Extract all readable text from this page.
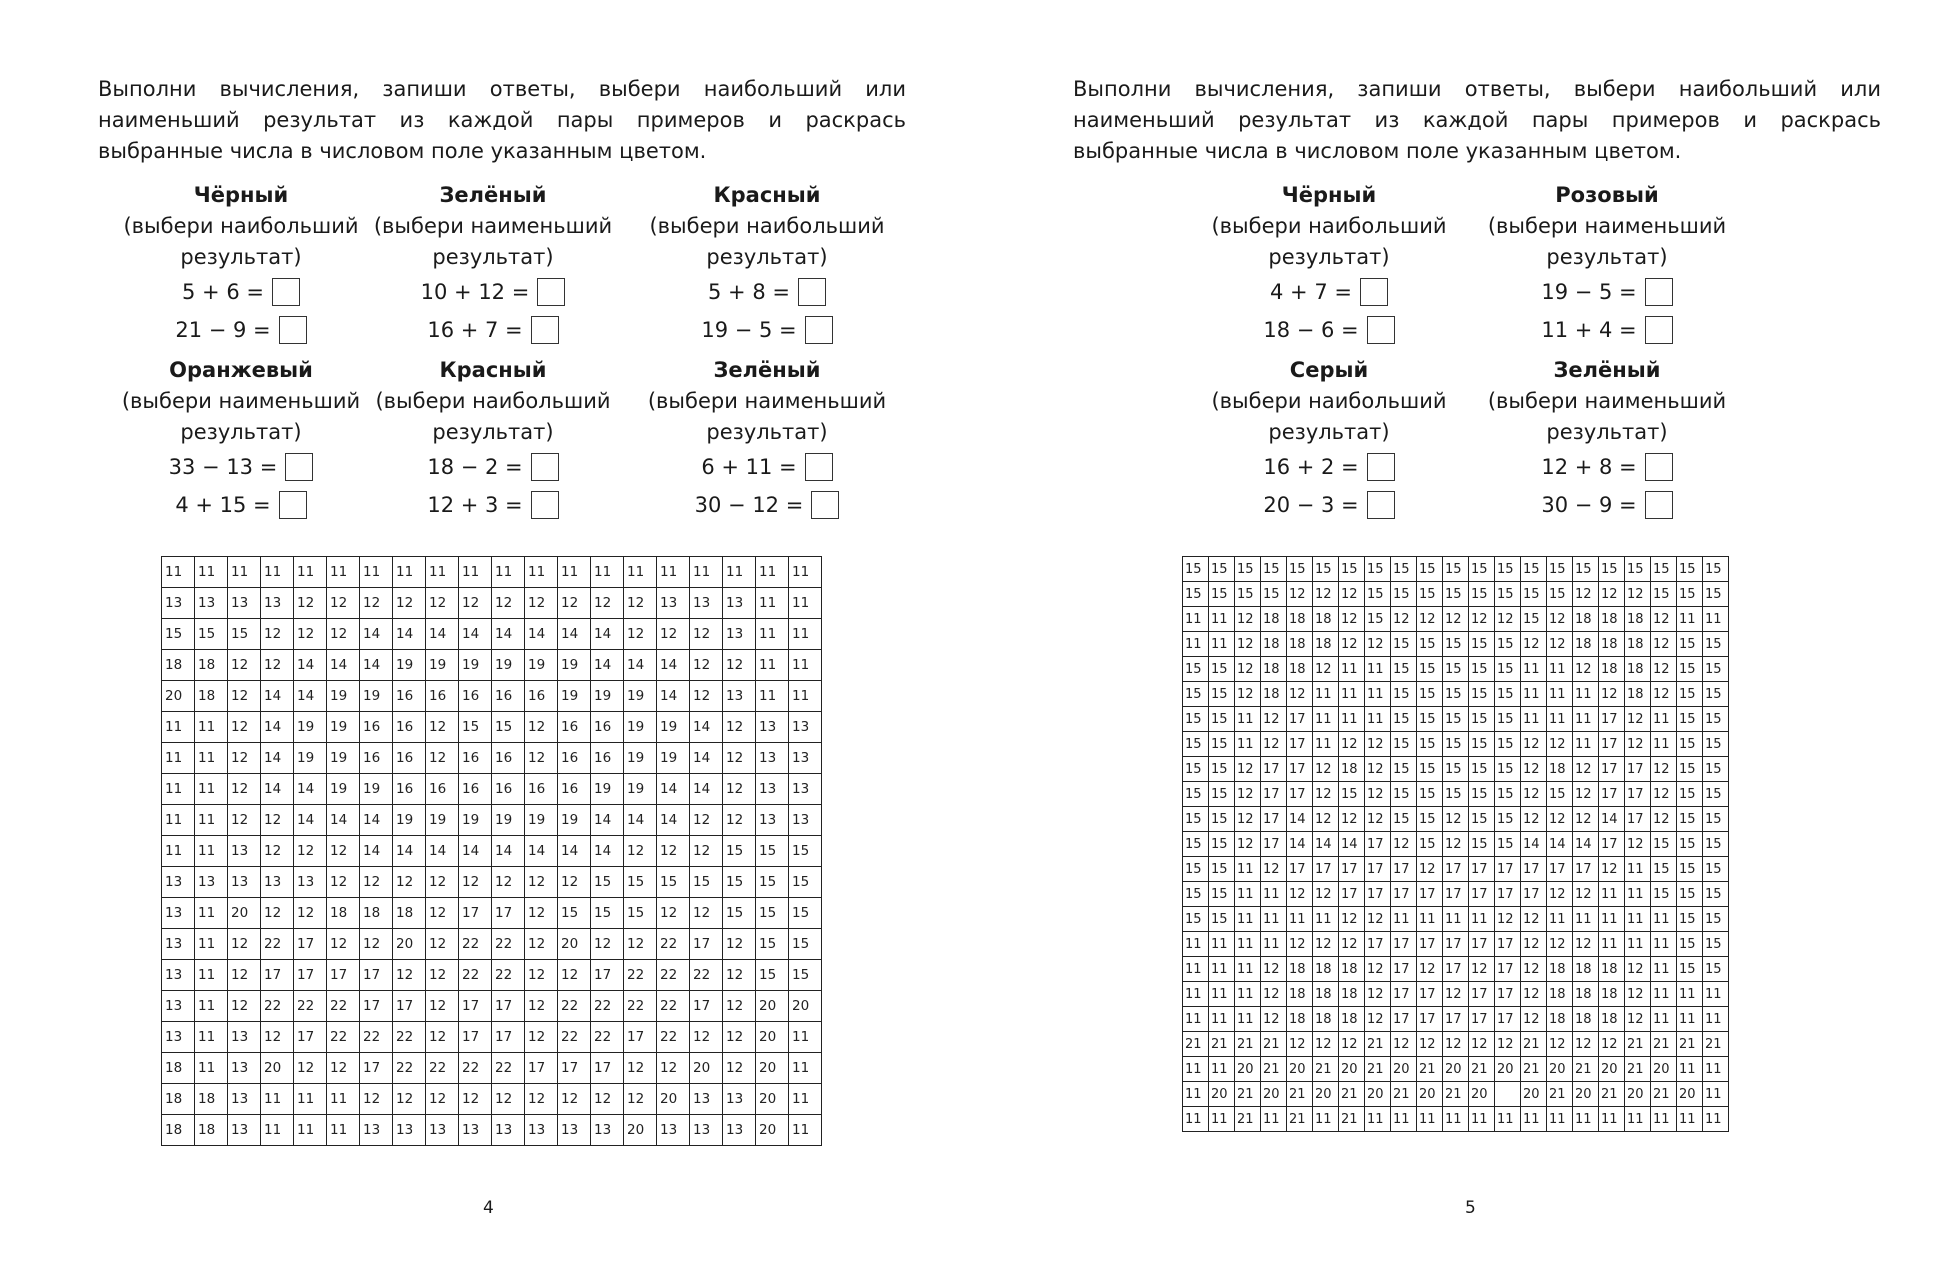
Выполни вычисления, запиши ответы, выбери наибольший или наименьший результат из каждой пары примеров и раскрась выбранные числа в числовом поле указанным цветом.

Чёрный
(выбери наибольший результат)
5 + 6 =
21 − 9 =
Зелёный
(выбери наименьший результат)
10 + 12 =
16 + 7 =
Красный
(выбери наибольший результат)
5 + 8 =
19 − 5 =
Оранжевый
(выбери наименьший результат)
33 − 13 =
4 + 15 =
Красный
(выбери наибольший результат)
18 − 2 =
12 + 3 =
Зелёный
(выбери наименьший результат)
6 + 11 =
30 − 12 =
11	11	11	11	11	11	11	11	11	11	11	11	11	11	11	11	11	11	11	11
13	13	13	13	12	12	12	12	12	12	12	12	12	12	12	13	13	13	11	11
15	15	15	12	12	12	14	14	14	14	14	14	14	14	12	12	12	13	11	11
18	18	12	12	14	14	14	19	19	19	19	19	19	14	14	14	12	12	11	11
20	18	12	14	14	19	19	16	16	16	16	16	19	19	19	14	12	13	11	11
11	11	12	14	19	19	16	16	12	15	15	12	16	16	19	19	14	12	13	13
11	11	12	14	19	19	16	16	12	16	16	12	16	16	19	19	14	12	13	13
11	11	12	14	14	19	19	16	16	16	16	16	16	19	19	14	14	12	13	13
11	11	12	12	14	14	14	19	19	19	19	19	19	14	14	14	12	12	13	13
11	11	13	12	12	12	14	14	14	14	14	14	14	14	12	12	12	15	15	15
13	13	13	13	13	12	12	12	12	12	12	12	12	15	15	15	15	15	15	15
13	11	20	12	12	18	18	18	12	17	17	12	15	15	15	12	12	15	15	15
13	11	12	22	17	12	12	20	12	22	22	12	20	12	12	22	17	12	15	15
13	11	12	17	17	17	17	12	12	22	22	12	12	17	22	22	22	12	15	15
13	11	12	22	22	22	17	17	12	17	17	12	22	22	22	22	17	12	20	20
13	11	13	12	17	22	22	22	12	17	17	12	22	22	17	22	12	12	20	11
18	11	13	20	12	12	17	22	22	22	22	17	17	17	12	12	20	12	20	11
18	18	13	11	11	11	12	12	12	12	12	12	12	12	12	20	13	13	20	11
18	18	13	11	11	11	13	13	13	13	13	13	13	13	20	13	13	13	20	11
4

Выполни вычисления, запиши ответы, выбери наибольший или наименьший результат из каждой пары примеров и раскрась выбранные числа в числовом поле указанным цветом.

Чёрный
(выбери наибольший результат)
4 + 7 =
18 − 6 =
Розовый
(выбери наименьший результат)
19 − 5 =
11 + 4 =
Серый
(выбери наибольший результат)
16 + 2 =
20 − 3 =
Зелёный
(выбери наименьший результат)
12 + 8 =
30 − 9 =
15	15	15	15	15	15	15	15	15	15	15	15	15	15	15	15	15	15	15	15	15
15	15	15	15	12	12	12	15	15	15	15	15	15	15	15	12	12	12	15	15	15
11	11	12	18	18	18	12	15	12	12	12	12	12	15	12	18	18	18	12	11	11
11	11	12	18	18	18	12	12	15	15	15	15	15	12	12	18	18	18	12	15	15
15	15	12	18	18	12	11	11	15	15	15	15	15	11	11	12	18	18	12	15	15
15	15	12	18	12	11	11	11	15	15	15	15	15	11	11	11	12	18	12	15	15
15	15	11	12	17	11	11	11	15	15	15	15	15	11	11	11	17	12	11	15	15
15	15	11	12	17	11	12	12	15	15	15	15	15	12	12	11	17	12	11	15	15
15	15	12	17	17	12	18	12	15	15	15	15	15	12	18	12	17	17	12	15	15
15	15	12	17	17	12	15	12	15	15	15	15	15	12	15	12	17	17	12	15	15
15	15	12	17	14	12	12	12	15	15	12	15	15	12	12	12	14	17	12	15	15
15	15	12	17	14	14	14	17	12	15	12	15	15	14	14	14	17	12	15	15	15
15	15	11	12	17	17	17	17	17	12	17	17	17	17	17	17	12	11	15	15	15
15	15	11	11	12	12	17	17	17	17	17	17	17	17	12	12	11	11	15	15	15
15	15	11	11	11	11	12	12	11	11	11	11	12	12	11	11	11	11	11	15	15
11	11	11	11	12	12	12	17	17	17	17	17	17	12	12	12	11	11	11	15	15
11	11	11	12	18	18	18	12	17	12	17	12	17	12	18	18	18	12	11	15	15
11	11	11	12	18	18	18	12	17	17	12	17	17	12	18	18	18	12	11	11	11
11	11	11	12	18	18	18	12	17	17	17	17	17	12	18	18	18	12	11	11	11
21	21	21	21	12	12	12	21	12	12	12	12	12	21	12	12	12	21	21	21	21
11	11	20	21	20	21	20	21	20	21	20	21	20	21	20	21	20	21	20	11	11
11	20	21	20	21	20	21	20	21	20	21	20		20	21	20	21	20	21	20	11
11	11	21	11	21	11	21	11	11	11	11	11	11	11	11	11	11	11	11	11	11
5
